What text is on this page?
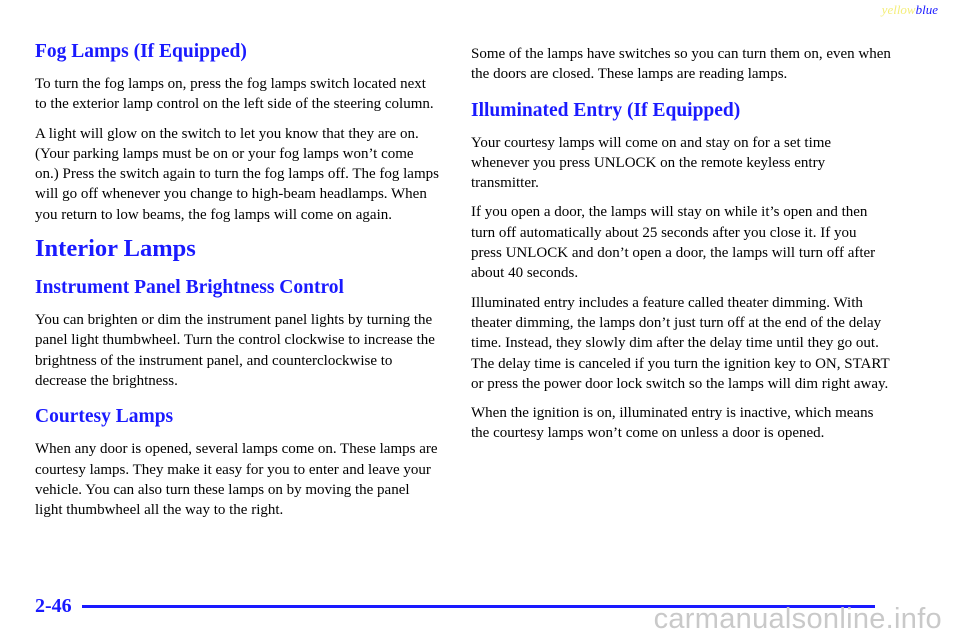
yellowblue
Fog Lamps (If Equipped)

To turn the fog lamps on, press the fog lamps switch located next to the exterior lamp control on the left side of the steering column.

A light will glow on the switch to let you know that they are on. (Your parking lamps must be on or your fog lamps won’t come on.) Press the switch again to turn the fog lamps off. The fog lamps will go off whenever you change to high‑beam headlamps. When you return to low beams, the fog lamps will come on again.

Interior Lamps
Instrument Panel Brightness Control

You can brighten or dim the instrument panel lights by turning the panel light thumbwheel. Turn the control clockwise to increase the brightness of the instrument panel, and counterclockwise to decrease the brightness.

Courtesy Lamps

When any door is opened, several lamps come on. These lamps are courtesy lamps. They make it easy for you to enter and leave your vehicle. You can also turn these lamps on by moving the panel light thumbwheel all the way to the right.

Some of the lamps have switches so you can turn them on, even when the doors are closed. These lamps are reading lamps.

Illuminated Entry (If Equipped)

Your courtesy lamps will come on and stay on for a set time whenever you press UNLOCK on the remote keyless entry transmitter.

If you open a door, the lamps will stay on while it’s open and then turn off automatically about 25 seconds after you close it. If you press UNLOCK and don’t open a door, the lamps will turn off after about 40 seconds.

Illuminated entry includes a feature called theater dimming. With theater dimming, the lamps don’t just turn off at the end of the delay time. Instead, they slowly dim after the delay time until they go out. The delay time is canceled if you turn the ignition key to ON, START or press the power door lock switch so the lamps will dim right away.

When the ignition is on, illuminated entry is inactive, which means the courtesy lamps won’t come on unless a door is opened.

2-46	carmanualsonline.info
